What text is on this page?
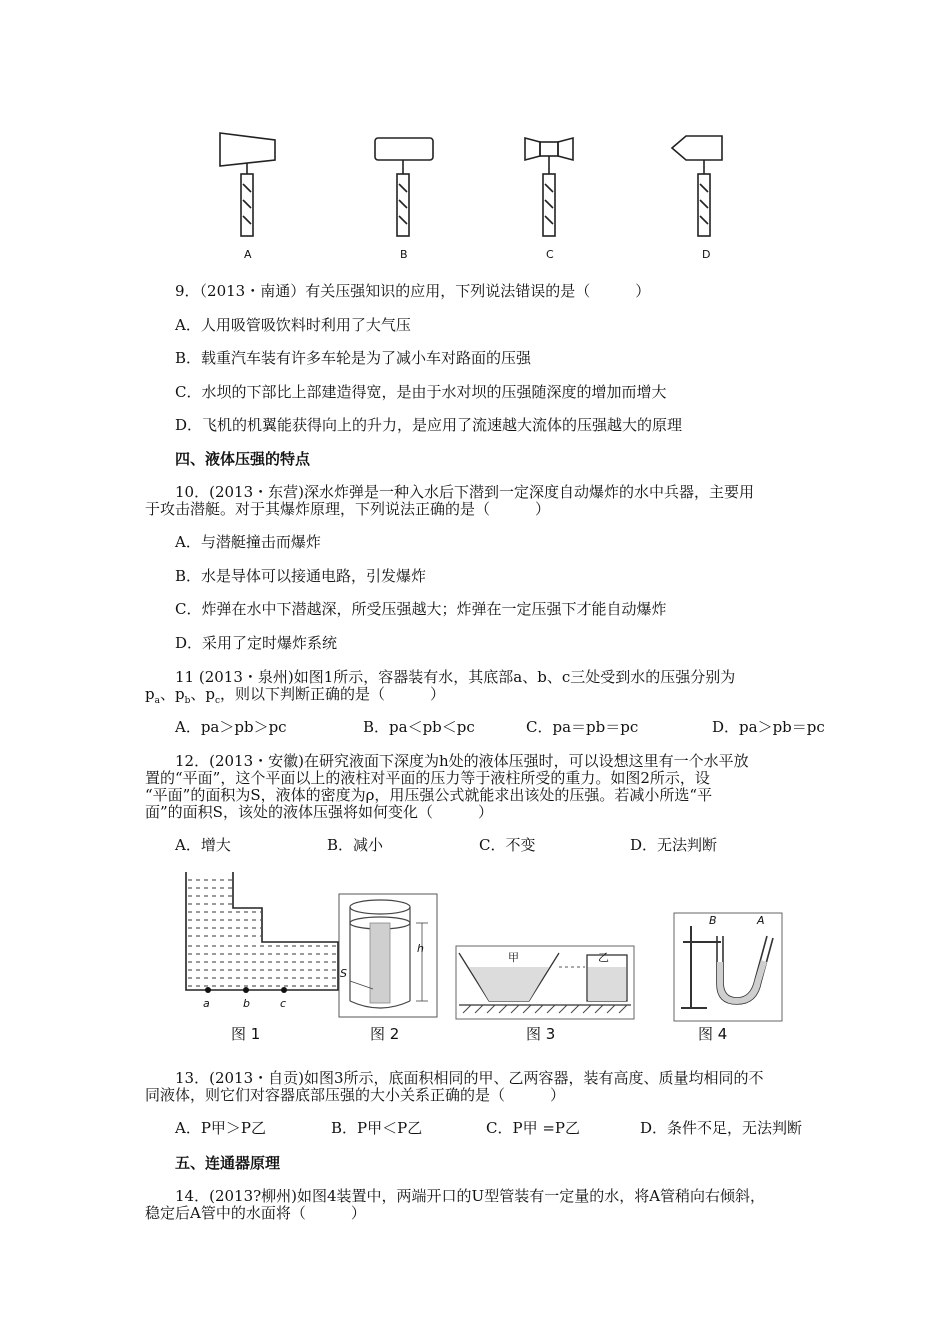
A	B	C	D
9．（2013・南通）有关压强知识的应用，下列说法错误的是（　　　）
A．人用吸管吸饮料时利用了大气压
B．载重汽车装有许多车轮是为了减小车对路面的压强
C．水坝的下部比上部建造得宽，是由于水对坝的压强随深度的增加而增大
D．飞机的机翼能获得向上的升力，是应用了流速越大流体的压强越大的原理
四、液体压强的特点
10．(2013・东营)深水炸弹是一种入水后下潜到一定深度自动爆炸的水中兵器，主要用
于攻击潜艇。对于其爆炸原理，下列说法正确的是（　　　）
A．与潜艇撞击而爆炸
B．水是导体可以接通电路，引发爆炸
C．炸弹在水中下潜越深，所受压强越大；炸弹在一定压强下才能自动爆炸
D．采用了定时爆炸系统
11 (2013・泉州)如图1所示，容器装有水，其底部a、b、c三处受到水的压强分别为
$p_a$、$p_b$、$p_c$，则以下判断正确的是（　　　）
A．pa＞pb＞pc	B．pa＜pb＜pc	C．pa＝pb＝pc	D．pa＞pb＝pc
12．(2013・安徽)在研究液面下深度为h处的液体压强时，可以设想这里有一个水平放
置的“平面”，这个平面以上的液柱对平面的压力等于液柱所受的重力。如图2所示，设
“平面”的面积为S，液体的密度为ρ，用压强公式就能求出该处的压强。若减小所选“平
面”的面积S，该处的液体压强将如何变化（　　　）
A．增大	B．减小	C．不变	D．无法判断
a	b	c
S
h
甲	乙
B	A
图 1	图 2	图 3	图 4
13．(2013・自贡)如图3所示，底面积相同的甲、乙两容器，装有高度、质量均相同的不
同液体，则它们对容器底部压强的大小关系正确的是（　　　）
A．P甲＞P乙	B．P甲＜P乙	C．P甲 =P乙	D．条件不足，无法判断
五、连通器原理
14．(2013?柳州)如图4装置中，两端开口的U型管装有一定量的水，将A管稍向右倾斜，
稳定后A管中的水面将（　　　）
